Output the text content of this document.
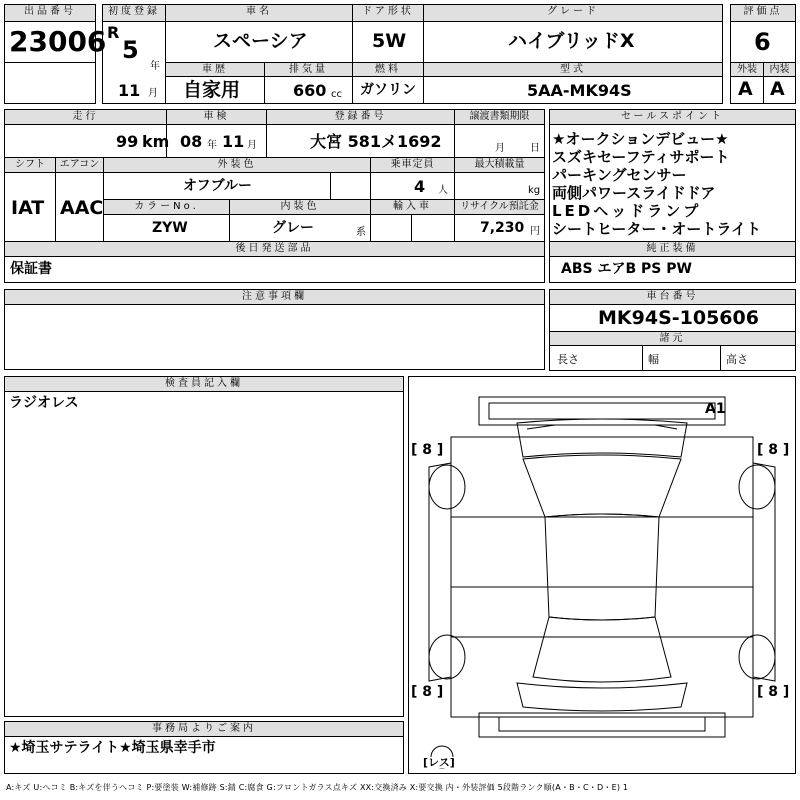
出品番号
23006
初度登録
R
5
年
11 月
車名
スペーシア
ドア形状
5W
グレード
ハイブリッドX
評価点
6
車歴
自家用
排気量
660 cc
燃料
ガソリン
型式
5AA-MK94S
外装
A
内装
A
走行
99 km
車検
08 年 11 月
登録番号
大宮 581メ1692
譲渡書類期限
月	日
シフト
IAT
エアコン
AAC
外装色
オフブルー
乗車定員
4 人
最大積載量
kg
カラーNo.
ZYW
内装色
グレー	系
輸入車	リサイクル預託金
7,230 円
後日発送部品
保証書
セールスポイント
★オークションデビュー★
スズキセーフティサポート
パーキングセンサー
両側パワースライドドア
LEDヘッドランプ
シートヒーター・オートライト
純正装備
ABS エアB PS PW
注意事項欄	車台番号
MK94S-105606
諸元
長さ	幅	高さ
検査員記入欄
ラジオレス
事務局よりご案内
★埼玉サテライト★埼玉県幸手市
A1
[ 8 ]	[ 8 ]
[ 8 ]	[ 8 ]
[レス]
A:キズ U:ヘコミ B:キズを伴うヘコミ P:要塗装 W:補修跡 S:錆 C:腐食 G:フロントガラス点キズ XX:交換済み X:要交換 内・外装評価 5段階ランク順(A・B・C・D・E) 1
